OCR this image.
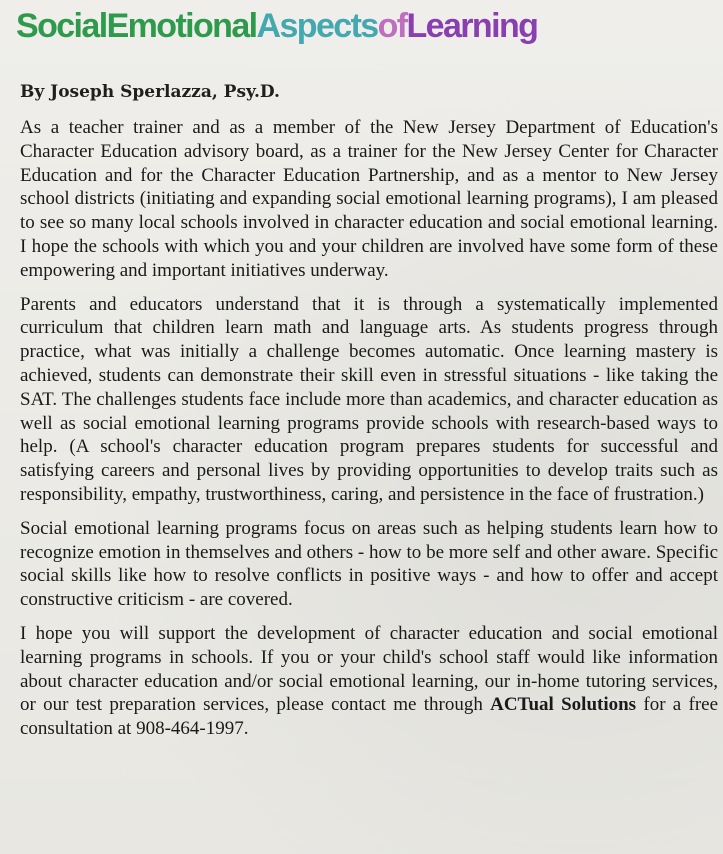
SocialEmotionalAspectsofLearning

By Joseph Sperlazza, Psy.D.

As a teacher trainer and as a member of the New Jersey Department of Education's Character Education advisory board, as a trainer for the New Jersey Center for Character Education and for the Character Education Partnership, and as a mentor to New Jersey school districts (initiating and expanding social emotional learning programs), I am pleased to see so many local schools involved in character education and social emotional learning. I hope the schools with which you and your children are involved have some form of these empowering and important initiatives underway.

Parents and educators understand that it is through a systematically implemented curriculum that children learn math and language arts. As students progress through practice, what was initially a challenge becomes automatic. Once learning mastery is achieved, students can demonstrate their skill even in stressful situations - like taking the SAT. The challenges students face include more than academics, and character education as well as social emotional learning programs provide schools with research-based ways to help. (A school's character education program prepares students for successful and satisfying careers and personal lives by providing opportunities to develop traits such as responsibility, empathy, trustworthiness, caring, and persistence in the face of frustration.)

Social emotional learning programs focus on areas such as helping students learn how to recognize emotion in themselves and others - how to be more self and other aware. Specific social skills like how to resolve conflicts in positive ways - and how to offer and accept constructive criticism - are covered.

I hope you will support the development of character education and social emotional learning programs in schools. If you or your child's school staff would like information about character education and/or social emotional learning, our in-home tutoring services, or our test preparation services, please contact me through ACTual Solutions for a free consultation at 908-464-1997.
